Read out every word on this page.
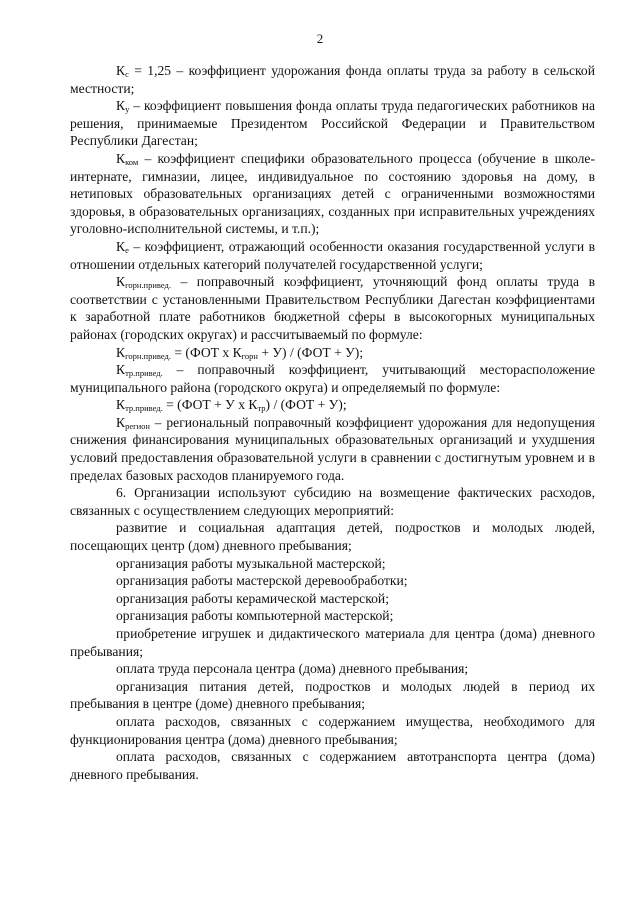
2

$К_с = 1,25$ – коэффициент удорожания фонда оплаты труда за работу в сельской местности;

$К_у$ – коэффициент повышения фонда оплаты труда педагогических работников на решения, принимаемые Президентом Российской Федерации и Правительством Республики Дагестан;

$К_{ком}$ – коэффициент специфики образовательного процесса (обучение в школе-интернате, гимназии, лицее, индивидуальное по состоянию здоровья на дому, в нетиповых образовательных организациях детей с ограниченными возможностями здоровья, в образовательных организациях, созданных при исправительных учреждениях уголовно-исполнительной системы, и т.п.);

$К_е$ – коэффициент, отражающий особенности оказания государственной услуги в отношении отдельных категорий получателей государственной услуги;

$К_{горн.привед.}$ – поправочный коэффициент, уточняющий фонд оплаты труда в соответствии с установленными Правительством Республики Дагестан коэффициентами к заработной плате работников бюджетной сферы в высокогорных муниципальных районах (городских округах) и рассчитываемый по формуле:

$К_{горн.привед.} = (ФОТ$ х $К_{горн} + У) / (ФОТ + У)$;

$К_{тр.привед.}$ – поправочный коэффициент, учитывающий месторасположение муниципального района (городского округа) и определяемый по формуле:

$К_{тр.привед.} = (ФОТ + У$ х $К_{тр}) / (ФОТ + У)$;

$К_{регион}$ – региональный поправочный коэффициент удорожания для недопущения снижения финансирования муниципальных образовательных организаций и ухудшения условий предоставления образовательной услуги в сравнении с достигнутым уровнем и в пределах базовых расходов планируемого года.

6. Организации используют субсидию на возмещение фактических расходов, связанных с осуществлением следующих мероприятий:

развитие и социальная адаптация детей, подростков и молодых людей, посещающих центр (дом) дневного пребывания;

организация работы музыкальной мастерской;

организация работы мастерской деревообработки;

организация работы керамической мастерской;

организация работы компьютерной мастерской;

приобретение игрушек и дидактического материала для центра (дома) дневного пребывания;

оплата труда персонала центра (дома) дневного пребывания;

организация питания детей, подростков и молодых людей в период их пребывания в центре (доме) дневного пребывания;

оплата расходов, связанных с содержанием имущества, необходимого для функционирования центра (дома) дневного пребывания;

оплата расходов, связанных с содержанием автотранспорта центра (дома) дневного пребывания.
